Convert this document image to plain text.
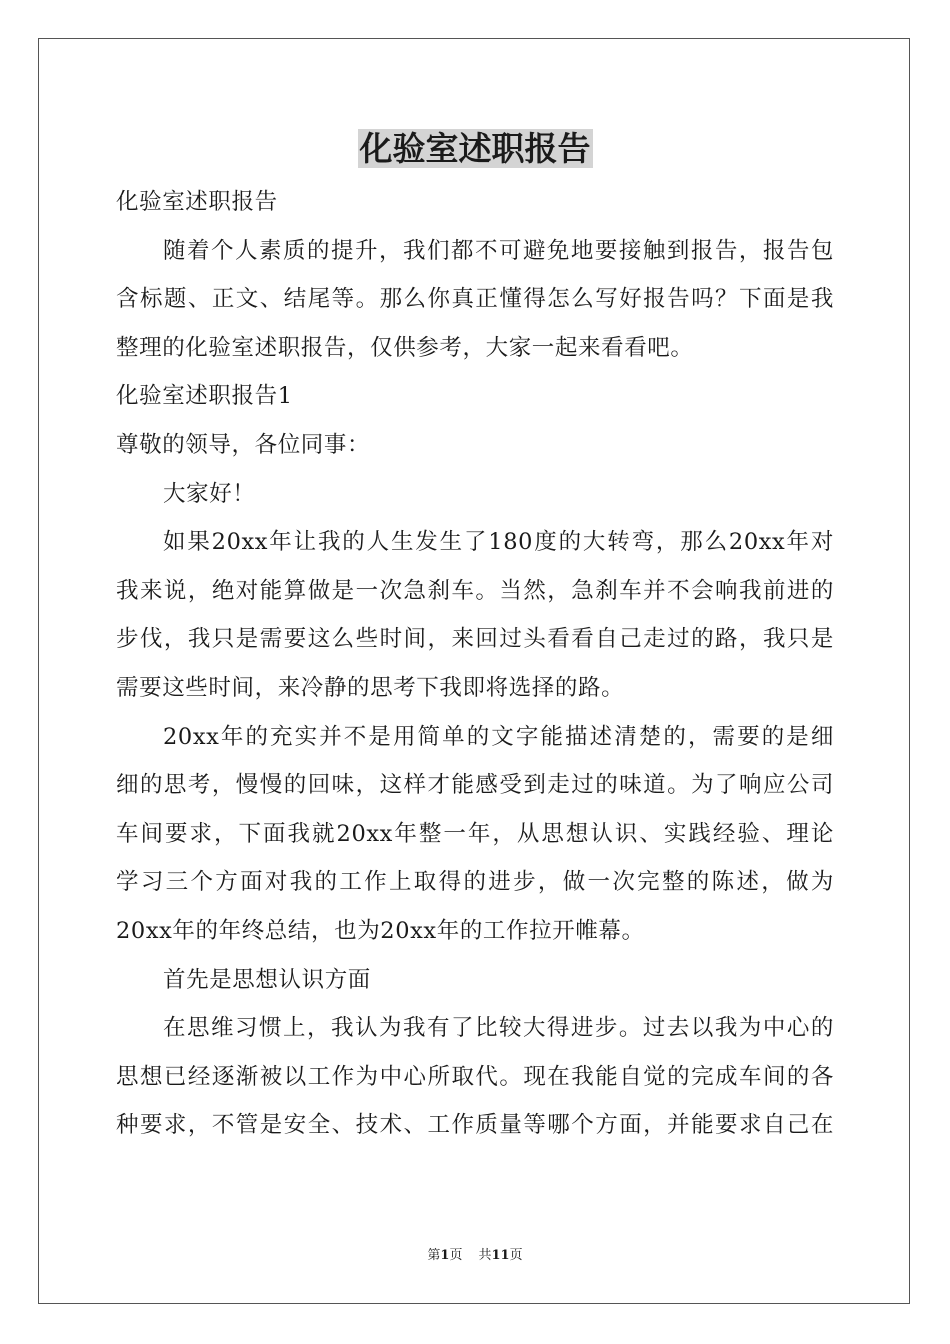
化验室述职报告

化验室述职报告

随着个人素质的提升，我们都不可避免地要接触到报告，报告包

含标题、正文、结尾等。那么你真正懂得怎么写好报告吗？下面是我

整理的化验室述职报告，仅供参考，大家一起来看看吧。

化验室述职报告1

尊敬的领导，各位同事：

大家好！

如果20xx年让我的人生发生了180度的大转弯，那么20xx年对

我来说，绝对能算做是一次急刹车。当然，急刹车并不会响我前进的

步伐，我只是需要这么些时间，来回过头看看自己走过的路，我只是

需要这些时间，来冷静的思考下我即将选择的路。

20xx年的充实并不是用简单的文字能描述清楚的，需要的是细

细的思考，慢慢的回味，这样才能感受到走过的味道。为了响应公司

车间要求，下面我就20xx年整一年，从思想认识、实践经验、理论

学习三个方面对我的工作上取得的进步，做一次完整的陈述，做为

20xx年的年终总结，也为20xx年的工作拉开帷幕。

首先是思想认识方面

在思维习惯上，我认为我有了比较大得进步。过去以我为中心的

思想已经逐渐被以工作为中心所取代。现在我能自觉的完成车间的各

种要求，不管是安全、技术、工作质量等哪个方面，并能要求自己在

第1页 共11页
